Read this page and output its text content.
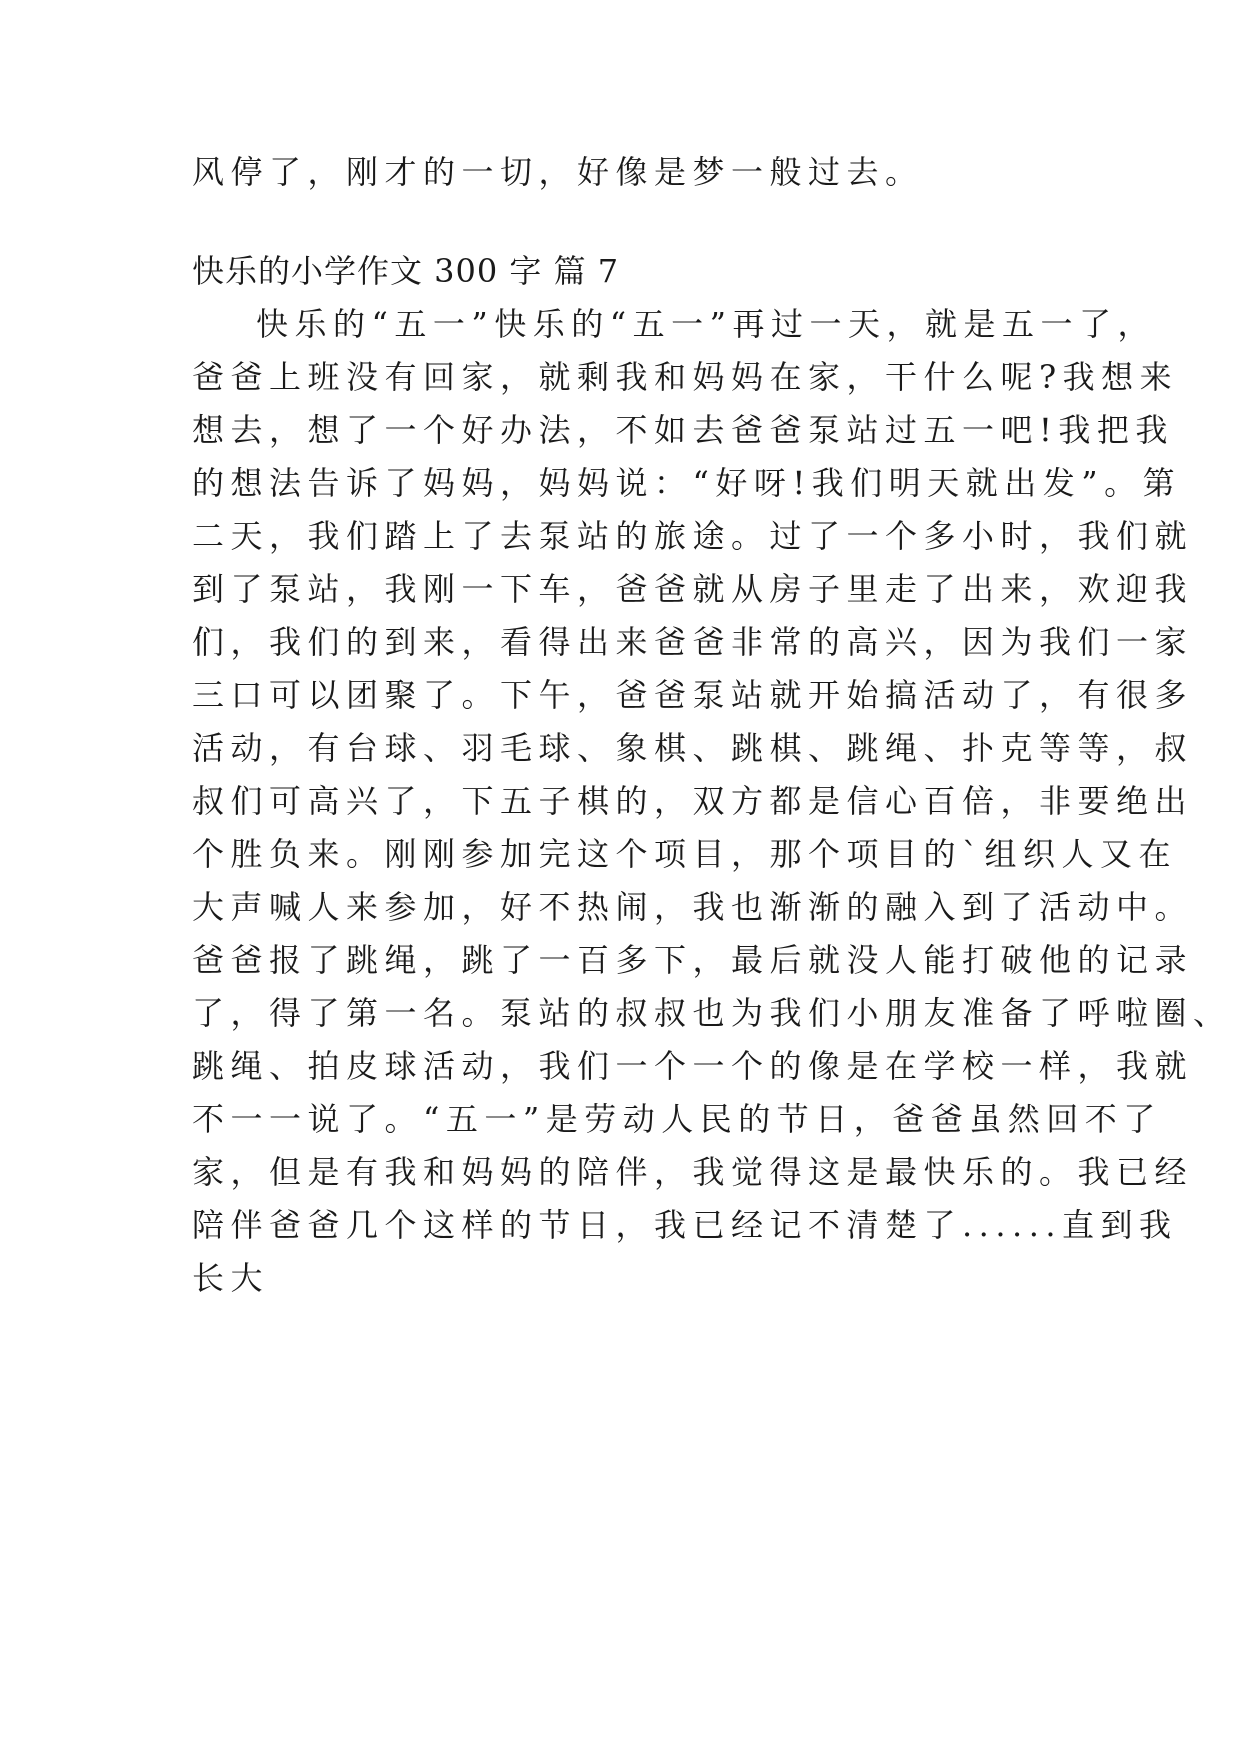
风停了，刚才的一切，好像是梦一般过去。

快乐的小学作文 300 字 篇 7

快乐的“五一”快乐的“五一”再过一天，就是五一了，

爸爸上班没有回家，就剩我和妈妈在家，干什么呢?我想来

想去，想了一个好办法，不如去爸爸泵站过五一吧!我把我

的想法告诉了妈妈，妈妈说：“好呀!我们明天就出发”。第

二天，我们踏上了去泵站的旅途。过了一个多小时，我们就

到了泵站，我刚一下车，爸爸就从房子里走了出来，欢迎我

们，我们的到来，看得出来爸爸非常的高兴，因为我们一家

三口可以团聚了。下午，爸爸泵站就开始搞活动了，有很多

活动，有台球、羽毛球、象棋、跳棋、跳绳、扑克等等，叔

叔们可高兴了，下五子棋的，双方都是信心百倍，非要绝出

个胜负来。刚刚参加完这个项目，那个项目的`组织人又在

大声喊人来参加，好不热闹，我也渐渐的融入到了活动中。

爸爸报了跳绳，跳了一百多下，最后就没人能打破他的记录

了，得了第一名。泵站的叔叔也为我们小朋友准备了呼啦圈、

跳绳、拍皮球活动，我们一个一个的像是在学校一样，我就

不一一说了。“五一”是劳动人民的节日，爸爸虽然回不了

家，但是有我和妈妈的陪伴，我觉得这是最快乐的。我已经

陪伴爸爸几个这样的节日，我已经记不清楚了......直到我

长大
